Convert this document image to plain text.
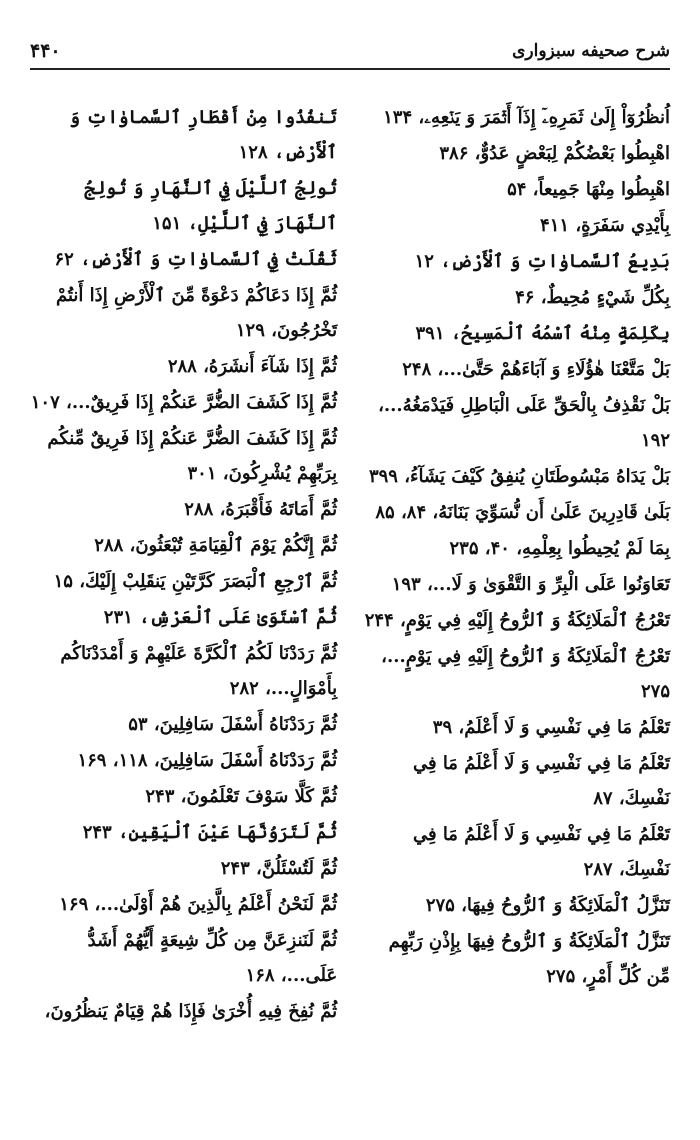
۴۴۰	شرح صحیفه سبزواری

اُنظُرُوٓاْ إِلَىٰ ثَمَرِهِۦٓ إِذَآ أَثۡمَرَ وَ يَنۡعِهِۦ، ۱۳۴

اهْبِطُوا بَعْضُكُمْ لِبَعْضٍ عَدُوٌّ، ۳۸۶

اهْبِطُوا مِنْهَا جَمِيعاً، ۵۴

بِأَيْدِي سَفَرَةٍ، ۴۱۱

بَدِيعُ ٱلسَّماوٰاتِ وَ ٱلْأَرْضِ، ۱۲

بِكُلِّ شَيْءٍ مُحِيطٌ، ۴۶

بِكَلِمَةٍ مِنْهُ ٱسْمُهُ ٱلْمَسِيحُ، ۳۹۱

بَلْ مَتَّعْنَا هٰؤُلَاءِ وَ آبَاءَهُمْ حَتَّىٰ...، ۲۴۸

بَلْ نَقْذِفُ بِالْحَقِّ عَلَى الْبَاطِلِ فَيَدْمَغُهُ...، ۱۹۲

بَلْ يَدَاهُ مَبْسُوطَتَانِ يُنفِقُ كَيْفَ يَشَآءُ، ۳۹۹

بَلَىٰ قَادِرِينَ عَلَىٰ أَن نُّسَوِّيَ بَنَانَهُ، ۸۴، ۸۵

بِمَا لَمْ يُحِيطُوا بِعِلْمِهِ، ۴۰، ۲۳۵

تَعَاوَنُوا عَلَى الْبِرِّ وَ التَّقْوَىٰ وَ لَا...، ۱۹۳

تَعْرُجُ ٱلْمَلَائِكَةُ وَ ٱلرُّوحُ إِلَيْهِ فِي يَوْمٍ، ۲۴۴

تَعْرُجُ ٱلْمَلَائِكَةُ وَ ٱلرُّوحُ إِلَيْهِ فِي يَوْمٍ...، ۲۷۵

تَعْلَمُ مَا فِي نَفْسِي وَ لَا أَعْلَمُ، ۳۹

تَعْلَمُ مَا فِي نَفْسِي وَ لَا أَعْلَمُ مَا فِي نَفْسِكَ، ۸۷

تَعْلَمُ مَا فِي نَفْسِي وَ لَا أَعْلَمُ مَا فِي نَفْسِكَ، ۲۸۷

تَنَزَّلُ ٱلْمَلَائِكَةُ وَ ٱلرُّوحُ فِيهَا، ۲۷۵

تَنَزَّلُ ٱلْمَلَائِكَةُ وَ ٱلرُّوحُ فِيهَا بِإِذْنِ رَبِّهِم مِّن كُلِّ أَمْرٍ، ۲۷۵

تَنفُذُوا مِنْ أَقْطَارِ ٱلسَّماوٰاتِ وَ ٱلْأَرْضِ، ۱۲۸

تُولِجُ ٱللَّيْلَ فِي ٱلنَّهَارِ وَ تُولِجُ ٱلنَّهَارَ فِي ٱللَّيْلِ، ۱۵۱

ثَقُلَتْ فِي ٱلسَّماوٰاتِ وَ ٱلْأَرْضِ، ۶۲

ثُمَّ إِذَا دَعَاكُمْ دَعْوَةً مِّنَ ٱلْأَرْضِ إِذَا أَنتُمْ تَخْرُجُونَ، ۱۲۹

ثُمَّ إِذَا شَآءَ أَنشَرَهُ، ۲۸۸

ثُمَّ إِذَا كَشَفَ الضُّرَّ عَنكُمْ إِذَا فَرِيقٌ...، ۱۰۷

ثُمَّ إِذَا كَشَفَ الضُّرَّ عَنكُمْ إِذَا فَرِيقٌ مِّنكُم بِرَبِّهِمْ يُشْرِكُونَ، ۳۰۱

ثُمَّ أَمَاتَهُ فَأَقْبَرَهُ، ۲۸۸

ثُمَّ إِنَّكُمْ يَوْمَ ٱلْقِيَامَةِ تُبْعَثُونَ، ۲۸۸

ثُمَّ ٱرْجِعِ ٱلْبَصَرَ كَرَّتَيْنِ يَنقَلِبْ إِلَيْكَ، ۱۵

ثُمَّ ٱسْتَوَىٰ عَلَى ٱلْعَرْشِ، ۲۳۱

ثُمَّ رَدَدْنَا لَكُمُ ٱلْكَرَّةَ عَلَيْهِمْ وَ أَمْدَدْنَاكُم بِأَمْوَالٍ...، ۲۸۲

ثُمَّ رَدَدْنَاهُ أَسْفَلَ سَافِلِينَ، ۵۳

ثُمَّ رَدَدْنَاهُ أَسْفَلَ سَافِلِينَ، ۱۱۸، ۱۶۹

ثُمَّ كَلَّا سَوْفَ تَعْلَمُونَ، ۲۴۳

ثُمَّ لَتَرَوُنَّهَا عَيْنَ ٱلْيَقِينِ، ۲۴۳

ثُمَّ لَتُسْئَلُنَّ، ۲۴۳

ثُمَّ لَنَحْنُ أَعْلَمُ بِالَّذِينَ هُمْ أَوْلَىٰ...، ۱۶۹

ثُمَّ لَنَنزِعَنَّ مِن كُلِّ شِيعَةٍ أَيُّهُمْ أَشَدُّ عَلَى...، ۱۶۸

ثُمَّ نُفِخَ فِيهِ أُخْرَىٰ فَإِذَا هُمْ قِيَامٌ يَنظُرُونَ،
